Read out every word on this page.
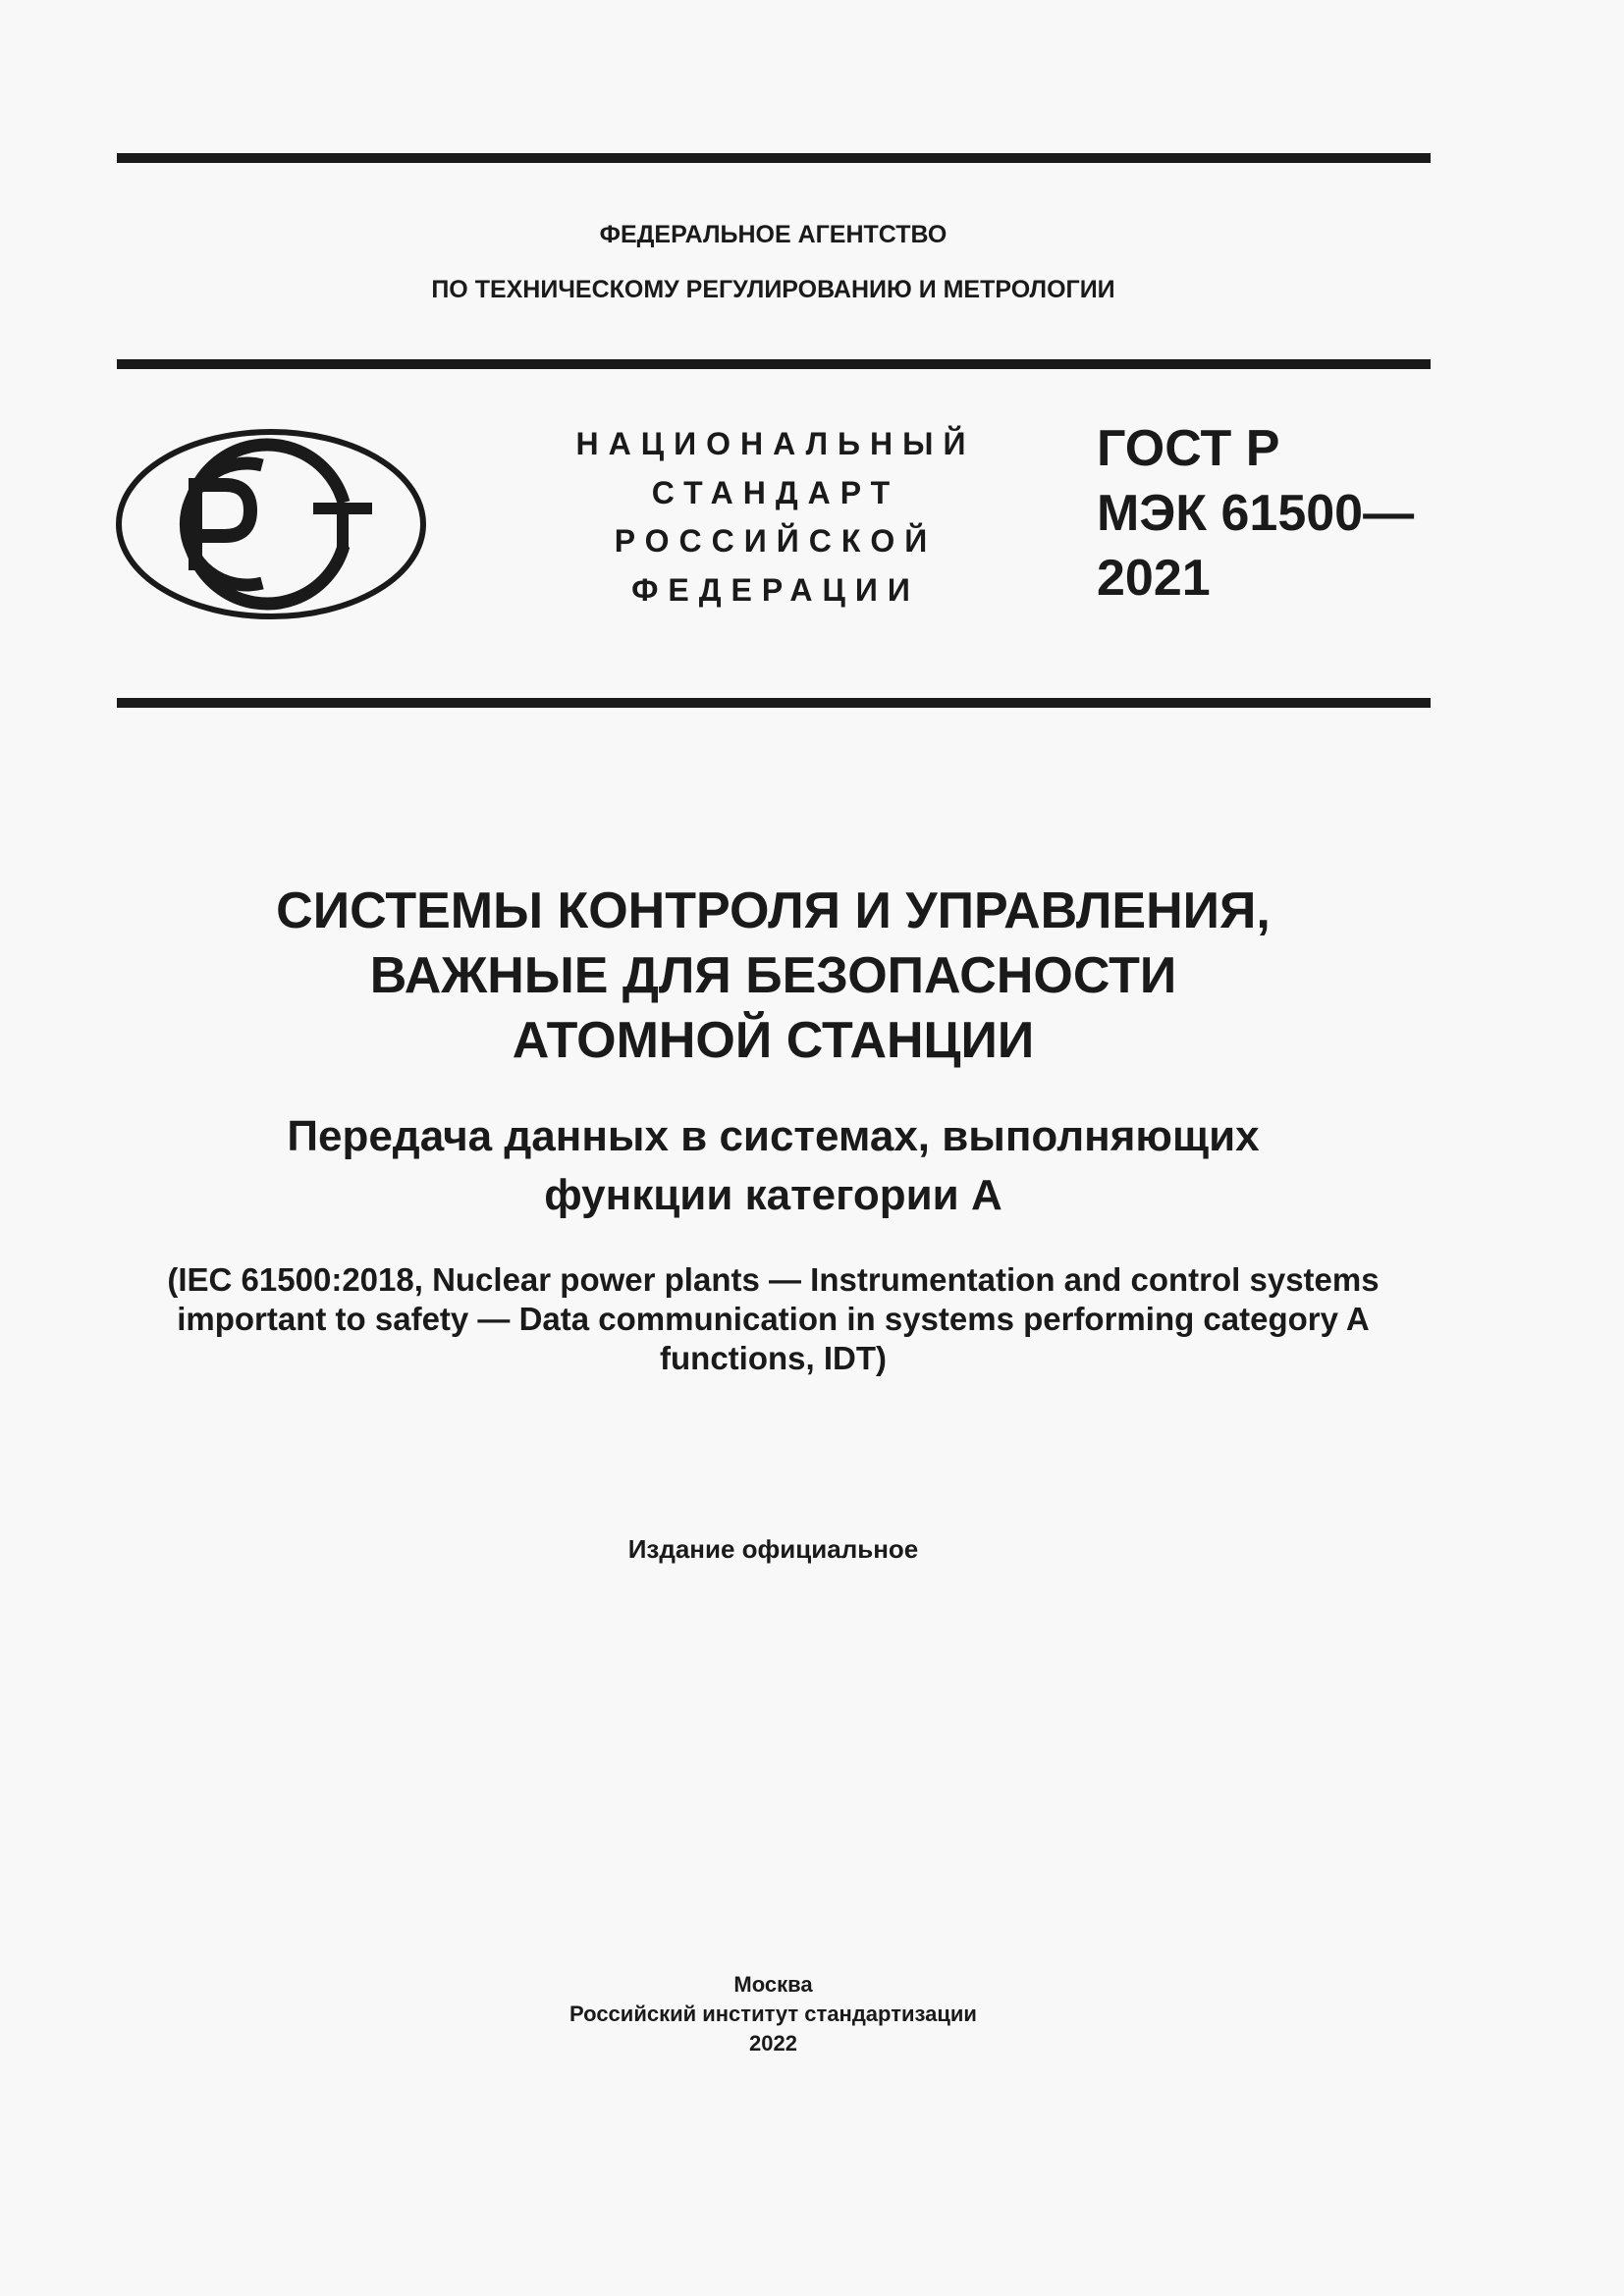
ФЕДЕРАЛЬНОЕ АГЕНТСТВО
ПО ТЕХНИЧЕСКОМУ РЕГУЛИРОВАНИЮ И МЕТРОЛОГИИ
НАЦИОНАЛЬНЫЙ
СТАНДАРТ
РОССИЙСКОЙ
ФЕДЕРАЦИИ
ГОСТ Р
МЭК 61500—
2021
СИСТЕМЫ КОНТРОЛЯ И УПРАВЛЕНИЯ,
ВАЖНЫЕ ДЛЯ БЕЗОПАСНОСТИ
АТОМНОЙ СТАНЦИИ
Передача данных в системах, выполняющих
функции категории А
(IEC 61500:2018, Nuclear power plants — Instrumentation and control systems
important to safety — Data communication in systems performing category A
functions, IDT)
Издание официальное
Москва
Российский институт стандартизации
2022
